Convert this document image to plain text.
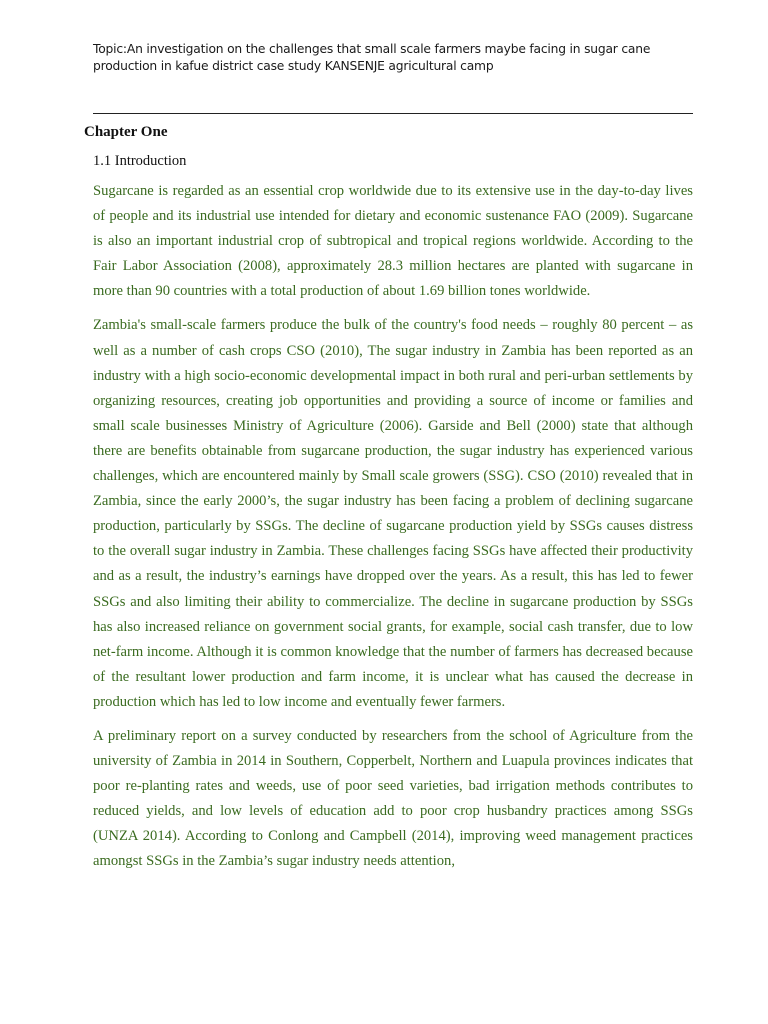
Topic:An investigation on the challenges that small scale farmers maybe facing in sugar cane
production in kafue district case study KANSENJE agricultural camp
Chapter One
1.1 Introduction

Sugarcane is regarded as an essential crop worldwide due to its extensive use in the day-to-day lives of people and its industrial use intended for dietary and economic sustenance FAO (2009). Sugarcane is also an important industrial crop of subtropical and tropical regions worldwide. According to the Fair Labor Association (2008), approximately 28.3 million hectares are planted with sugarcane in more than 90 countries with a total production of about 1.69 billion tones worldwide.

Zambia's small-scale farmers produce the bulk of the country's food needs – roughly 80 percent – as well as a number of cash crops CSO (2010), The sugar industry in Zambia has been reported as an industry with a high socio-economic developmental impact in both rural and peri-urban settlements by organizing resources, creating job opportunities and providing a source of income or families and small scale businesses Ministry of Agriculture (2006). Garside and Bell (2000) state that although there are benefits obtainable from sugarcane production, the sugar industry has experienced various challenges, which are encountered mainly by Small scale growers (SSG). CSO (2010) revealed that in Zambia, since the early 2000’s, the sugar industry has been facing a problem of declining sugarcane production, particularly by SSGs. The decline of sugarcane production yield by SSGs causes distress to the overall sugar industry in Zambia. These challenges facing SSGs have affected their productivity and as a result, the industry’s earnings have dropped over the years. As a result, this has led to fewer SSGs and also limiting their ability to commercialize. The decline in sugarcane production by SSGs has also increased reliance on government social grants, for example, social cash transfer, due to low net-farm income. Although it is common knowledge that the number of farmers has decreased because of the resultant lower production and farm income, it is unclear what has caused the decrease in production which has led to low income and eventually fewer farmers.

A preliminary report on a survey conducted by researchers from the school of Agriculture from the university of Zambia in 2014 in Southern, Copperbelt, Northern and Luapula provinces indicates that poor re-planting rates and weeds, use of poor seed varieties, bad irrigation methods contributes to reduced yields, and low levels of education add to poor crop husbandry practices among SSGs (UNZA 2014). According to Conlong and Campbell (2014), improving weed management practices amongst SSGs in the Zambia’s sugar industry needs attention,
